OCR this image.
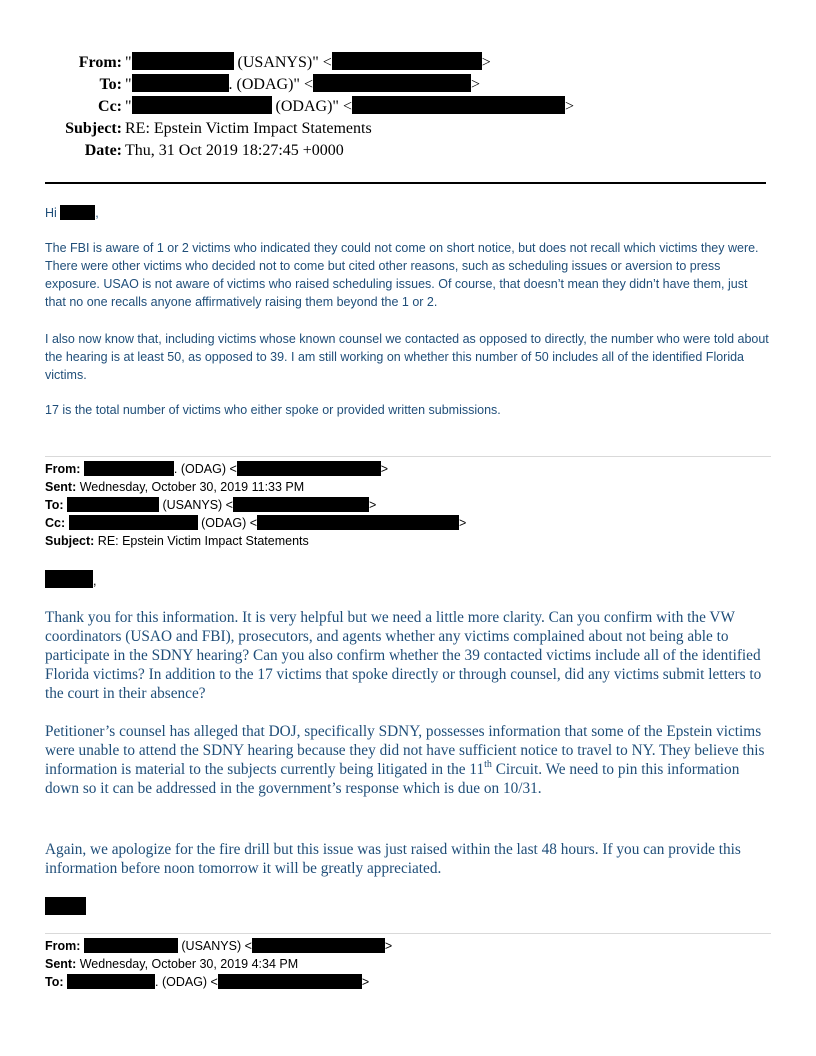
From: "	(USANYS)" <	>
To: "	. (ODAG)" <	>
Cc: "	(ODAG)" <	>
Subject: RE: Epstein Victim Impact Statements
Date: Thu, 31 Oct 2019 18:27:45 +0000
Hi	,
The FBI is aware of 1 or 2 victims who indicated they could not come on short notice, but does not recall which victims they were. There were other victims who decided not to come but cited other reasons, such as scheduling issues or aversion to press exposure. USAO is not aware of victims who raised scheduling issues. Of course, that doesn’t mean they didn’t have them, just that no one recalls anyone affirmatively raising them beyond the 1 or 2.
I also now know that, including victims whose known counsel we contacted as opposed to directly, the number who were told about the hearing is at least 50, as opposed to 39. I am still working on whether this number of 50 includes all of the identified Florida victims.
17 is the total number of victims who either spoke or provided written submissions.
From:	. (ODAG) <	>
Sent: Wednesday, October 30, 2019 11:33 PM
To:	(USANYS) <	>
Cc:	(ODAG) <	>
Subject: RE: Epstein Victim Impact Statements
,
Thank you for this information. It is very helpful but we need a little more clarity. Can you confirm with the VW coordinators (USAO and FBI), prosecutors, and agents whether any victims complained about not being able to participate in the SDNY hearing? Can you also confirm whether the 39 contacted victims include all of the identified Florida victims? In addition to the 17 victims that spoke directly or through counsel, did any victims submit letters to the court in their absence?
Petitioner’s counsel has alleged that DOJ, specifically SDNY, possesses information that some of the Epstein victims were unable to attend the SDNY hearing because they did not have sufficient notice to travel to NY. They believe this information is material to the subjects currently being litigated in the 11th Circuit. We need to pin this information down so it can be addressed in the government’s response which is due on 10/31.
Again, we apologize for the fire drill but this issue was just raised within the last 48 hours. If you can provide this information before noon tomorrow it will be greatly appreciated.
From:	(USANYS) <	>
Sent: Wednesday, October 30, 2019 4:34 PM
To:	. (ODAG) <	>
